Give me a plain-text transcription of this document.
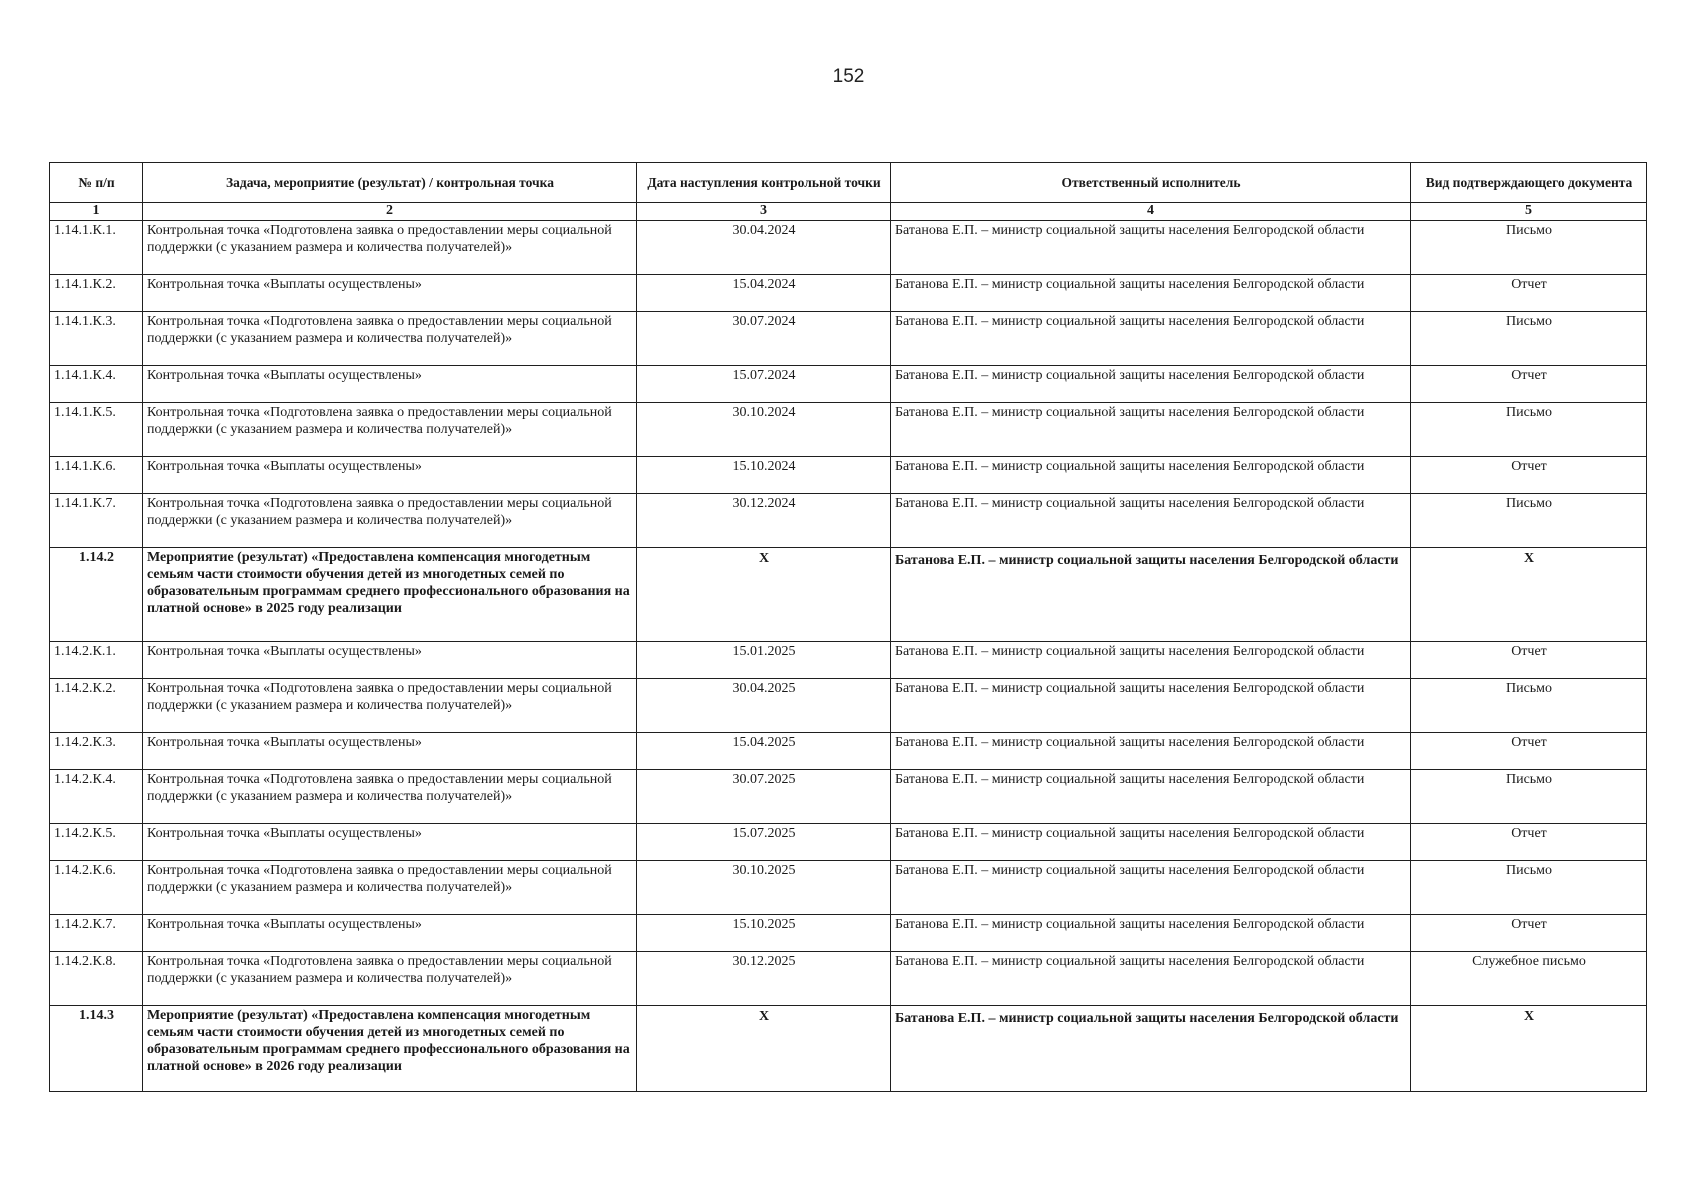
152
№ п/п	Задача, мероприятие (результат) / контрольная точка	Дата наступления контрольной точки	Ответственный исполнитель	Вид подтверждающего документа
1	2	3	4	5
1.14.1.К.1.	Контрольная точка «Подготовлена заявка о предоставлении меры социальной поддержки (с указанием размера и количества получателей)»	30.04.2024	Батанова Е.П. – министр социальной защиты населения Белгородской области	Письмо
1.14.1.К.2.	Контрольная точка «Выплаты осуществлены»	15.04.2024	Батанова Е.П. – министр социальной защиты населения Белгородской области	Отчет
1.14.1.К.3.	Контрольная точка «Подготовлена заявка о предоставлении меры социальной поддержки (с указанием размера и количества получателей)»	30.07.2024	Батанова Е.П. – министр социальной защиты населения Белгородской области	Письмо
1.14.1.К.4.	Контрольная точка «Выплаты осуществлены»	15.07.2024	Батанова Е.П. – министр социальной защиты населения Белгородской области	Отчет
1.14.1.К.5.	Контрольная точка «Подготовлена заявка о предоставлении меры социальной поддержки (с указанием размера и количества получателей)»	30.10.2024	Батанова Е.П. – министр социальной защиты населения Белгородской области	Письмо
1.14.1.К.6.	Контрольная точка «Выплаты осуществлены»	15.10.2024	Батанова Е.П. – министр социальной защиты населения Белгородской области	Отчет
1.14.1.К.7.	Контрольная точка «Подготовлена заявка о предоставлении меры социальной поддержки (с указанием размера и количества получателей)»	30.12.2024	Батанова Е.П. – министр социальной защиты населения Белгородской области	Письмо
1.14.2	Мероприятие (результат) «Предоставлена компенсация многодетным семьям части стоимости обучения детей из многодетных семей по образовательным программам среднего профессионального образования на платной основе» в 2025 году реализации	Х	Батанова Е.П. – министр социальной защиты населения Белгородской области	Х
1.14.2.К.1.	Контрольная точка «Выплаты осуществлены»	15.01.2025	Батанова Е.П. – министр социальной защиты населения Белгородской области	Отчет
1.14.2.К.2.	Контрольная точка «Подготовлена заявка о предоставлении меры социальной поддержки (с указанием размера и количества получателей)»	30.04.2025	Батанова Е.П. – министр социальной защиты населения Белгородской области	Письмо
1.14.2.К.3.	Контрольная точка «Выплаты осуществлены»	15.04.2025	Батанова Е.П. – министр социальной защиты населения Белгородской области	Отчет
1.14.2.К.4.	Контрольная точка «Подготовлена заявка о предоставлении меры социальной поддержки (с указанием размера и количества получателей)»	30.07.2025	Батанова Е.П. – министр социальной защиты населения Белгородской области	Письмо
1.14.2.К.5.	Контрольная точка «Выплаты осуществлены»	15.07.2025	Батанова Е.П. – министр социальной защиты населения Белгородской области	Отчет
1.14.2.К.6.	Контрольная точка «Подготовлена заявка о предоставлении меры социальной поддержки (с указанием размера и количества получателей)»	30.10.2025	Батанова Е.П. – министр социальной защиты населения Белгородской области	Письмо
1.14.2.К.7.	Контрольная точка «Выплаты осуществлены»	15.10.2025	Батанова Е.П. – министр социальной защиты населения Белгородской области	Отчет
1.14.2.К.8.	Контрольная точка «Подготовлена заявка о предоставлении меры социальной поддержки (с указанием размера и количества получателей)»	30.12.2025	Батанова Е.П. – министр социальной защиты населения Белгородской области	Служебное письмо
1.14.3	Мероприятие (результат) «Предоставлена компенсация многодетным семьям части стоимости обучения детей из многодетных семей по образовательным программам среднего профессионального образования на платной основе» в 2026 году реализации	Х	Батанова Е.П. – министр социальной защиты населения Белгородской области	Х
